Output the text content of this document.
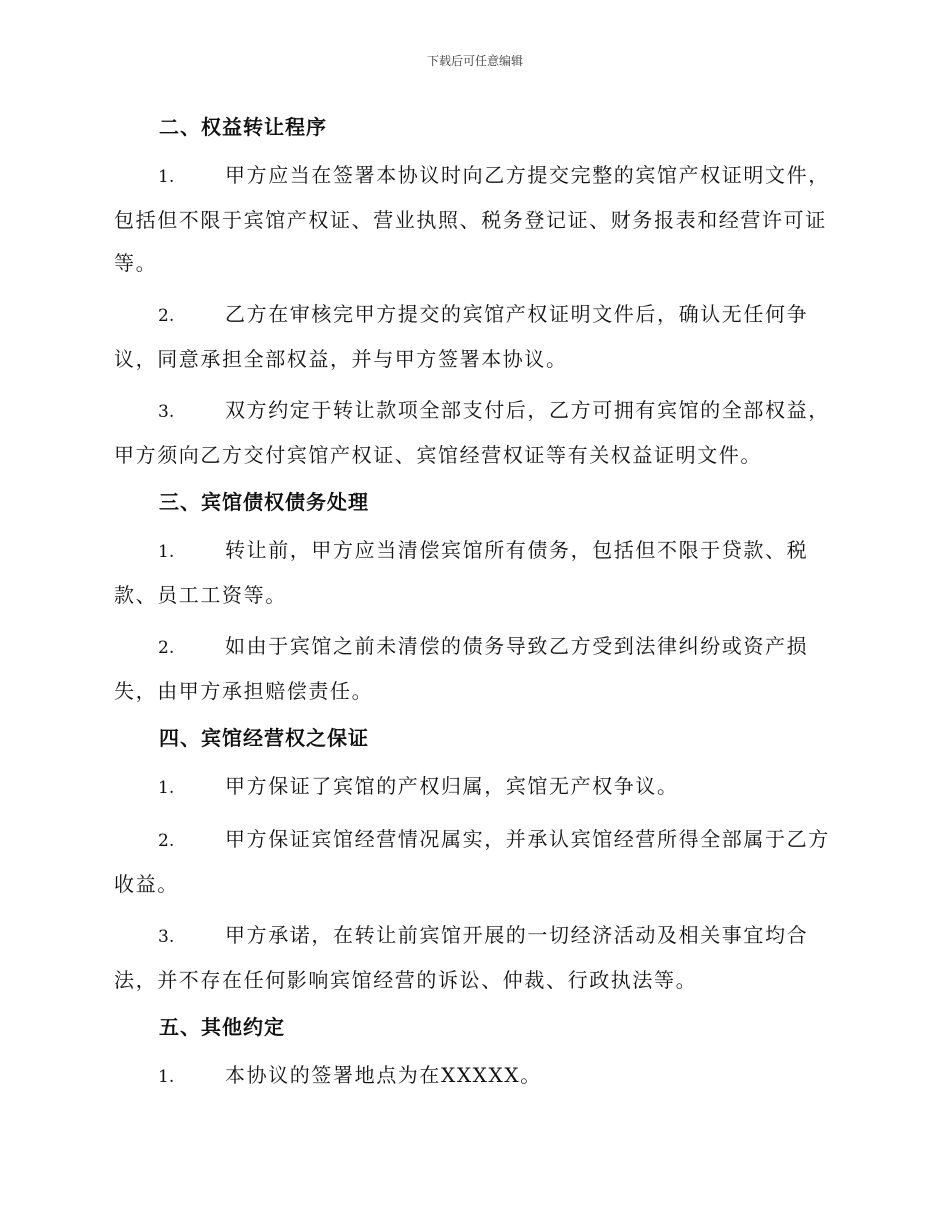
下载后可任意编辑
二、权益转让程序
1.	甲方应当在签署本协议时向乙方提交完整的宾馆产权证明文件，包括但不限于宾馆产权证、营业执照、税务登记证、财务报表和经营许可证等。
2.	乙方在审核完甲方提交的宾馆产权证明文件后，确认无任何争议，同意承担全部权益，并与甲方签署本协议。
3.	双方约定于转让款项全部支付后，乙方可拥有宾馆的全部权益，甲方须向乙方交付宾馆产权证、宾馆经营权证等有关权益证明文件。
三、宾馆债权债务处理
1.	转让前，甲方应当清偿宾馆所有债务，包括但不限于贷款、税款、员工工资等。
2.	如由于宾馆之前未清偿的债务导致乙方受到法律纠纷或资产损失，由甲方承担赔偿责任。
四、宾馆经营权之保证
1.	甲方保证了宾馆的产权归属，宾馆无产权争议。
2.	甲方保证宾馆经营情况属实，并承认宾馆经营所得全部属于乙方收益。
3.	甲方承诺，在转让前宾馆开展的一切经济活动及相关事宜均合法，并不存在任何影响宾馆经营的诉讼、仲裁、行政执法等。
五、其他约定
1.	本协议的签署地点为在XXXXX。
